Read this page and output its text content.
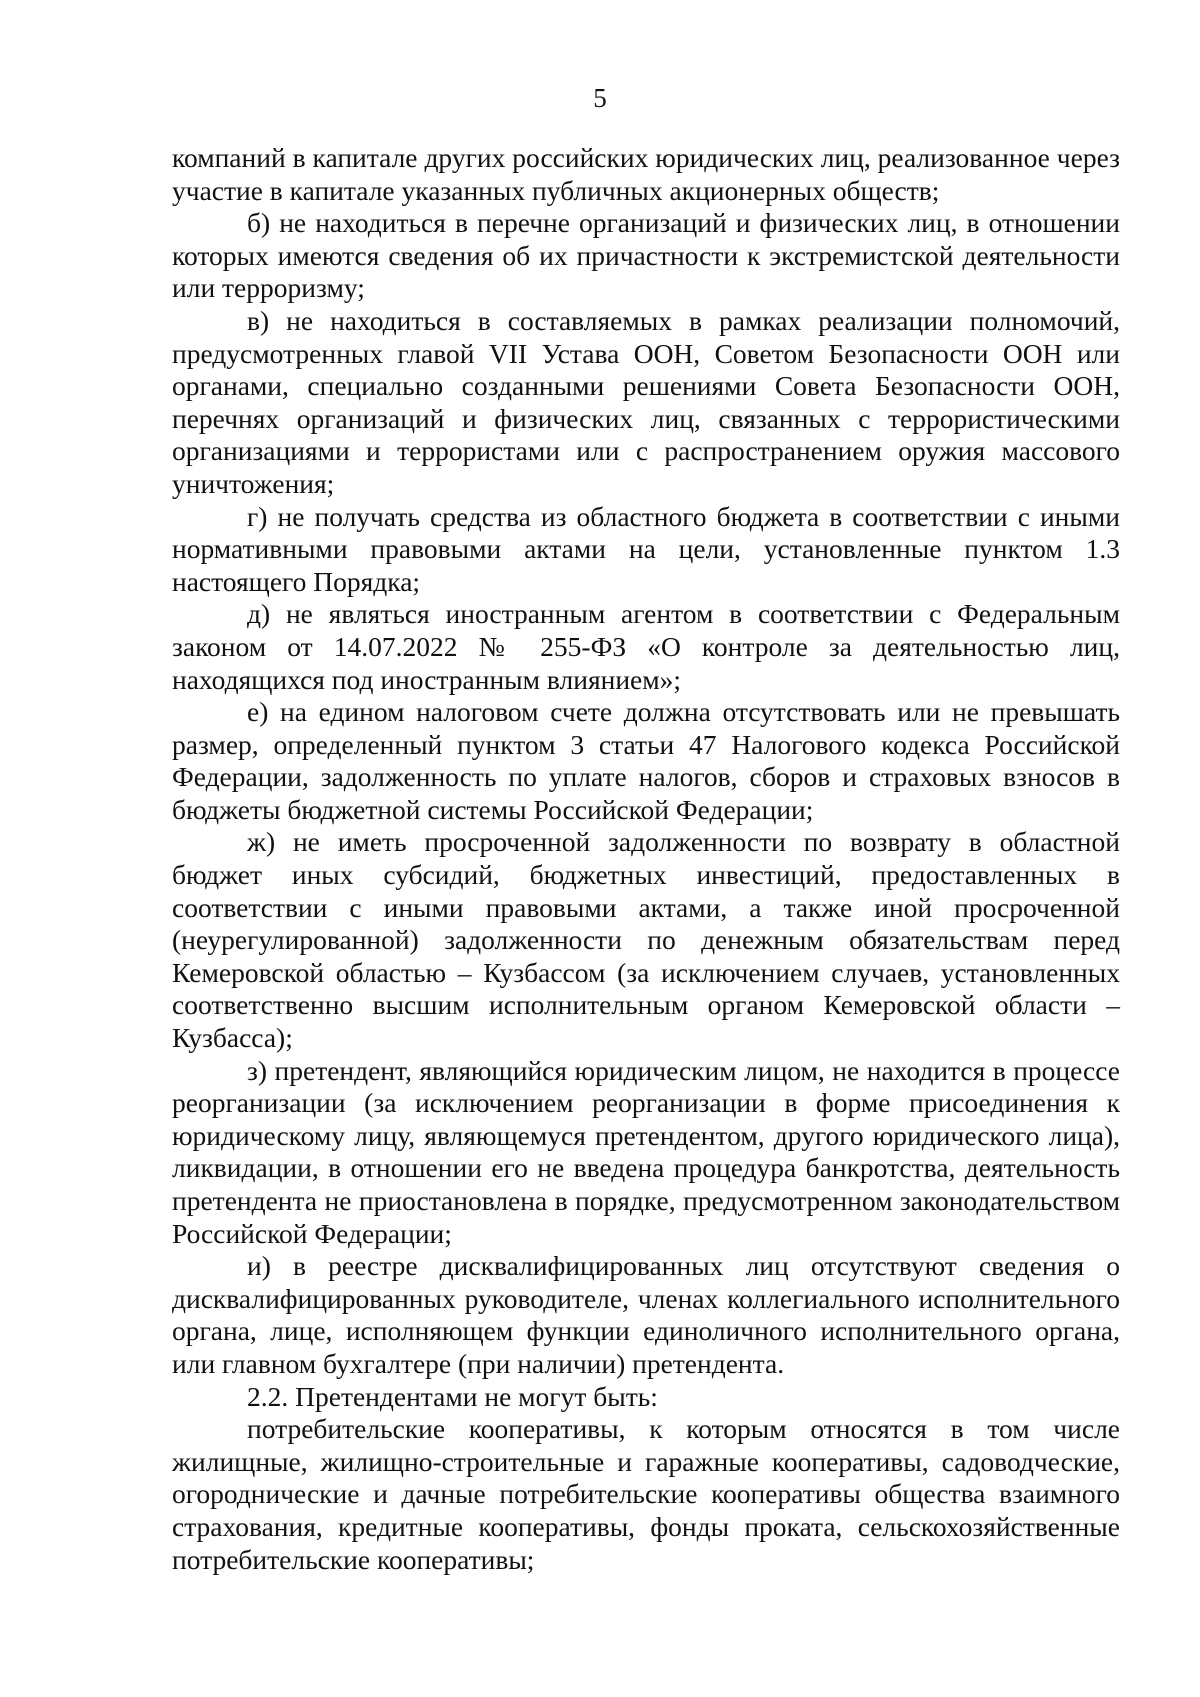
5

компаний в капитале других российских юридических лиц, реализованное через участие в капитале указанных публичных акционерных обществ;

б) не находиться в перечне организаций и физических лиц, в отношении которых имеются сведения об их причастности к экстремистской деятельности или терроризму;

в) не находиться в составляемых в рамках реализации полномочий, предусмотренных главой VII Устава ООН, Советом Безопасности ООН или органами, специально созданными решениями Совета Безопасности ООН, перечнях организаций и физических лиц, связанных с террористическими организациями и террористами или с распространением оружия массового уничтожения;

г) не получать средства из областного бюджета в соответствии с иными нормативными правовыми актами на цели, установленные пунктом 1.3 настоящего Порядка;

д) не являться иностранным агентом в соответствии с Федеральным законом от 14.07.2022 № 255-ФЗ «О контроле за деятельностью лиц, находящихся под иностранным влиянием»;

е) на едином налоговом счете должна отсутствовать или не превышать размер, определенный пунктом 3 статьи 47 Налогового кодекса Российской Федерации, задолженность по уплате налогов, сборов и страховых взносов в бюджеты бюджетной системы Российской Федерации;

ж) не иметь просроченной задолженности по возврату в областной бюджет иных субсидий, бюджетных инвестиций, предоставленных в соответствии с иными правовыми актами, а также иной просроченной (неурегулированной) задолженности по денежным обязательствам перед Кемеровской областью – Кузбассом (за исключением случаев, установленных соответственно высшим исполнительным органом Кемеровской области – Кузбасса);

з) претендент, являющийся юридическим лицом, не находится в процессе реорганизации (за исключением реорганизации в форме присоединения к юридическому лицу, являющемуся претендентом, другого юридического лица), ликвидации, в отношении его не введена процедура банкротства, деятельность претендента не приостановлена в порядке, предусмотренном законодательством Российской Федерации;

и) в реестре дисквалифицированных лиц отсутствуют сведения о дисквалифицированных руководителе, членах коллегиального исполнительного органа, лице, исполняющем функции единоличного исполнительного органа, или главном бухгалтере (при наличии) претендента.

2.2. Претендентами не могут быть:

потребительские кооперативы, к которым относятся в том числе жилищные, жилищно-строительные и гаражные кооперативы, садоводческие, огороднические и дачные потребительские кооперативы общества взаимного страхования, кредитные кооперативы, фонды проката, сельскохозяйственные потребительские кооперативы;
